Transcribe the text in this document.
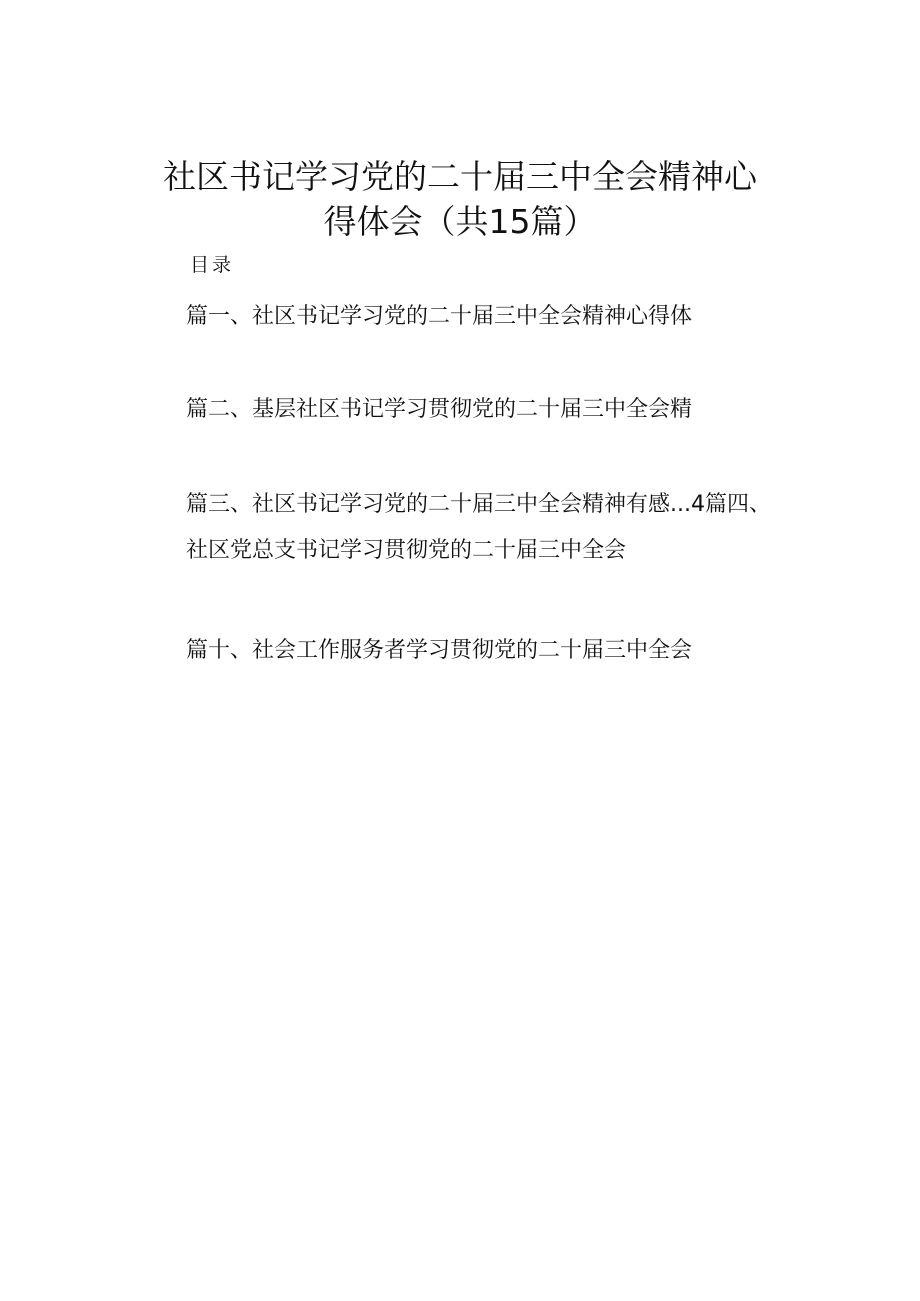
社区书记学习党的二十届三中全会精神心
得体会（共15篇）
目录
篇一、社区书记学习党的二十届三中全会精神心得体
篇二、基层社区书记学习贯彻党的二十届三中全会精
篇三、社区书记学习党的二十届三中全会精神有感...4篇四、
社区党总支书记学习贯彻党的二十届三中全会
篇十、社会工作服务者学习贯彻党的二十届三中全会
